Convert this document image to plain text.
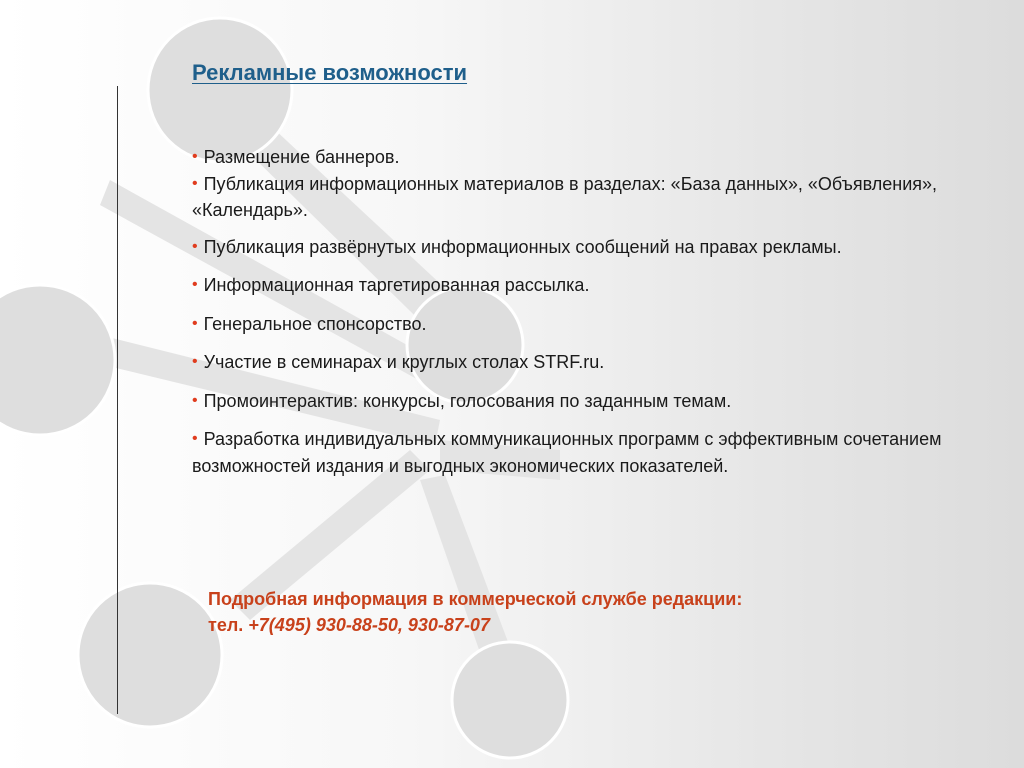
Рекламные возможности
• Размещение баннеров.
• Публикация информационных материалов в разделах: «База данных», «Объявления», «Календарь».
• Публикация развёрнутых информационных сообщений на правах рекламы.
• Информационная таргетированная рассылка.
• Генеральное спонсорство.
• Участие в семинарах и круглых столах STRF.ru.
• Промоинтерактив: конкурсы, голосования по заданным темам.
• Разработка индивидуальных коммуникационных программ с эффективным сочетанием возможностей издания и выгодных экономических показателей.
Подробная информация в коммерческой службе редакции:
тел. +7(495) 930-88-50, 930-87-07
